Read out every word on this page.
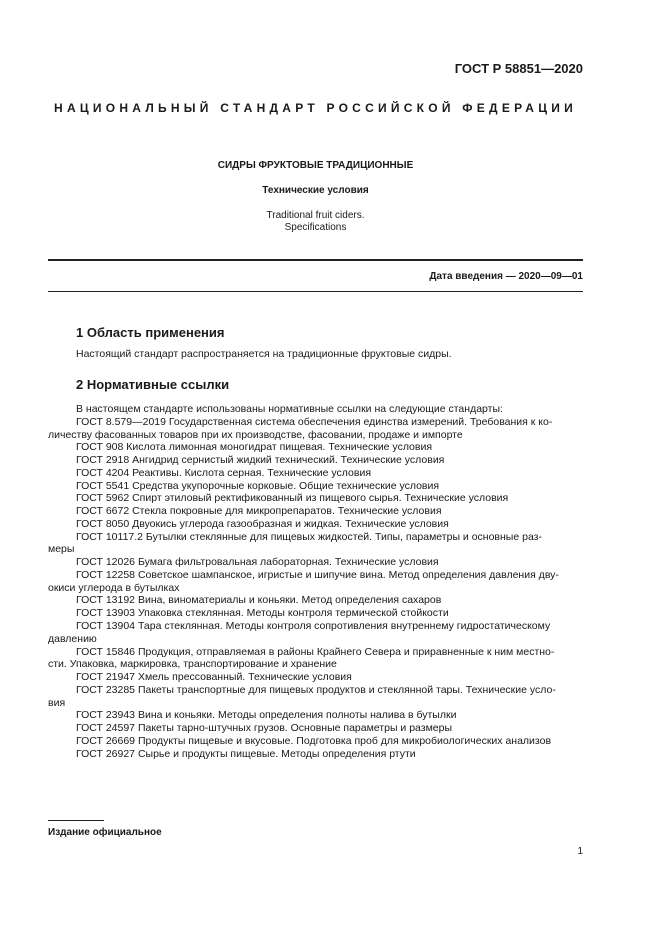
ГОСТ Р 58851—2020
НАЦИОНАЛЬНЫЙ СТАНДАРТ РОССИЙСКОЙ ФЕДЕРАЦИИ
СИДРЫ ФРУКТОВЫЕ ТРАДИЦИОННЫЕ
Технические условия
Traditional fruit ciders.
Specifications
Дата введения — 2020—09—01
1 Область применения
Настоящий стандарт распространяется на традиционные фруктовые сидры.
2 Нормативные ссылки
В настоящем стандарте использованы нормативные ссылки на следующие стандарты:
ГОСТ 8.579—2019 Государственная система обеспечения единства измерений. Требования к ко-
личеству фасованных товаров при их производстве, фасовании, продаже и импорте
ГОСТ 908 Кислота лимонная моногидрат пищевая. Технические условия
ГОСТ 2918 Ангидрид сернистый жидкий технический. Технические условия
ГОСТ 4204 Реактивы. Кислота серная. Технические условия
ГОСТ 5541 Средства укупорочные корковые. Общие технические условия
ГОСТ 5962 Спирт этиловый ректификованный из пищевого сырья. Технические условия
ГОСТ 6672 Стекла покровные для микропрепаратов. Технические условия
ГОСТ 8050 Двуокись углерода газообразная и жидкая. Технические условия
ГОСТ 10117.2 Бутылки стеклянные для пищевых жидкостей. Типы, параметры и основные раз-
меры
ГОСТ 12026 Бумага фильтровальная лабораторная. Технические условия
ГОСТ 12258 Советское шампанское, игристые и шипучие вина. Метод определения давления дву-
окиси углерода в бутылках
ГОСТ 13192 Вина, виноматериалы и коньяки. Метод определения сахаров
ГОСТ 13903 Упаковка стеклянная. Методы контроля термической стойкости
ГОСТ 13904 Тара стеклянная. Методы контроля сопротивления внутреннему гидростатическому
давлению
ГОСТ 15846 Продукция, отправляемая в районы Крайнего Севера и приравненные к ним местно-
сти. Упаковка, маркировка, транспортирование и хранение
ГОСТ 21947 Хмель прессованный. Технические условия
ГОСТ 23285 Пакеты транспортные для пищевых продуктов и стеклянной тары. Технические усло-
вия
ГОСТ 23943 Вина и коньяки. Методы определения полноты налива в бутылки
ГОСТ 24597 Пакеты тарно-штучных грузов. Основные параметры и размеры
ГОСТ 26669 Продукты пищевые и вкусовые. Подготовка проб для микробиологических анализов
ГОСТ 26927 Сырье и продукты пищевые. Методы определения ртути
Издание официальное
1
